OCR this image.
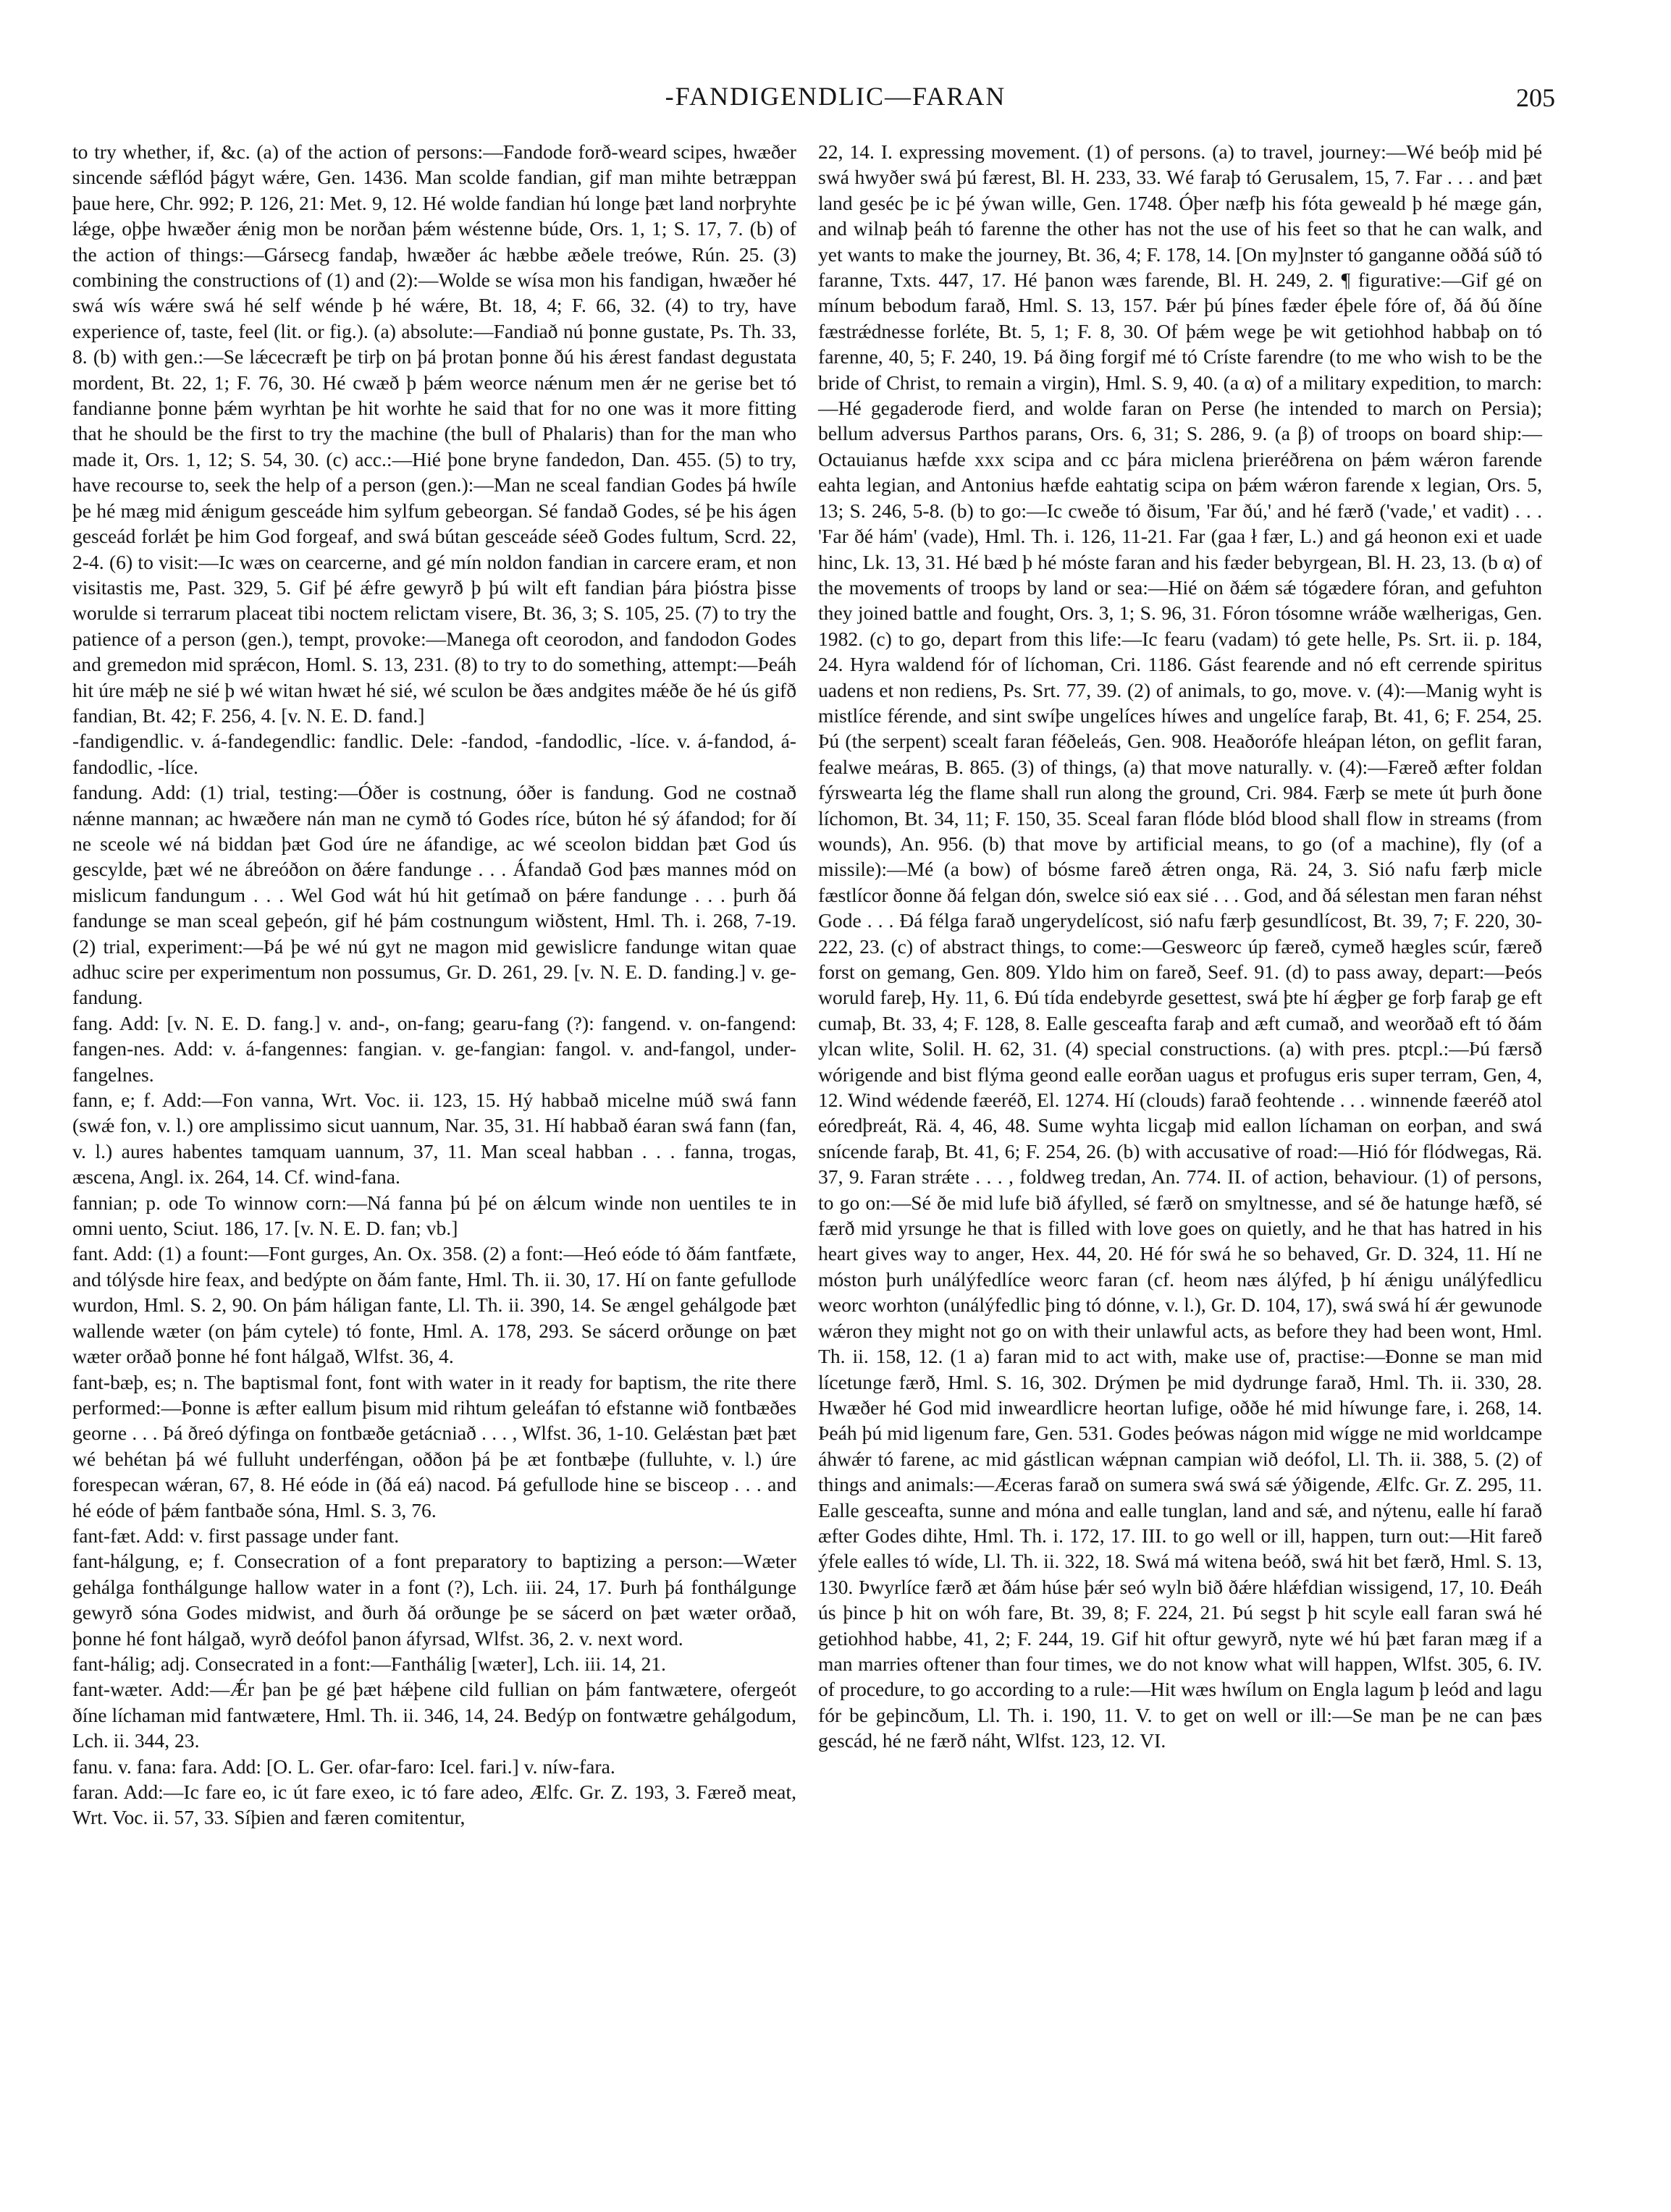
-FANDIGENDLIC—FARAN	205

to try whether, if, &c. (a) of the action of persons:—Fandode forð-weard scipes, hwæðer sincende sǽflód þágyt wǽre, Gen. 1436. Man scolde fandian, gif man mihte betræppan þaue here, Chr. 992; P. 126, 21: Met. 9, 12. Hé wolde fandian hú longe þæt land norþryhte lǽge, oþþe hwæðer ǽnig mon be norðan þǽm wéstenne búde, Ors. 1, 1; S. 17, 7. (b) of the action of things:—Gársecg fandaþ, hwæðer ác hæbbe æðele treówe, Rún. 25. (3) combining the constructions of (1) and (2):—Wolde se wísa mon his fandigan, hwæðer hé swá wís wǽre swá hé self wénde þ hé wǽre, Bt. 18, 4; F. 66, 32. (4) to try, have experience of, taste, feel (lit. or fig.). (a) absolute:—Fandiað nú þonne gustate, Ps. Th. 33, 8. (b) with gen.:—Se lǽcecræft þe tirþ on þá þrotan þonne ðú his ǽrest fandast degustata mordent, Bt. 22, 1; F. 76, 30. Hé cwæð þ þǽm weorce nǽnum men ǽr ne gerise bet tó fandianne þonne þǽm wyrhtan þe hit worhte he said that for no one was it more fitting that he should be the first to try the machine (the bull of Phalaris) than for the man who made it, Ors. 1, 12; S. 54, 30. (c) acc.:—Hié þone bryne fandedon, Dan. 455. (5) to try, have recourse to, seek the help of a person (gen.):—Man ne sceal fandian Godes þá hwíle þe hé mæg mid ǽnigum gesceáde him sylfum gebeorgan. Sé fandað Godes, sé þe his ágen gesceád forlǽt þe him God forgeaf, and swá bútan gesceáde séeð Godes fultum, Scrd. 22, 2-4. (6) to visit:—Ic wæs on cearcerne, and gé mín noldon fandian in carcere eram, et non visitastis me, Past. 329, 5. Gif þé ǽfre gewyrð þ þú wilt eft fandian þára þióstra þisse worulde si terrarum placeat tibi noctem relictam visere, Bt. 36, 3; S. 105, 25. (7) to try the patience of a person (gen.), tempt, provoke:—Manega oft ceorodon, and fandodon Godes and gremedon mid sprǽcon, Homl. S. 13, 231. (8) to try to do something, attempt:—Þeáh hit úre mǽþ ne sié þ wé witan hwæt hé sié, wé sculon be ðæs andgites mǽðe ðe hé ús gifð fandian, Bt. 42; F. 256, 4. [v. N. E. D. fand.]

-fandigendlic. v. á-fandegendlic: fandlic. Dele: -fandod, -fandodlic, -líce. v. á-fandod, á-fandodlic, -líce.

fandung. Add: (1) trial, testing:—Óðer is costnung, óðer is fandung. God ne costnað nǽnne mannan; ac hwæðere nán man ne cymð tó Godes ríce, búton hé sý áfandod; for ðí ne sceole wé ná biddan þæt God úre ne áfandige, ac wé sceolon biddan þæt God ús gescylde, þæt wé ne ábreóðon on ðǽre fandunge . . . Áfandað God þæs mannes mód on mislicum fandungum . . . Wel God wát hú hit getímað on þǽre fandunge . . . þurh ðá fandunge se man sceal geþeón, gif hé þám costnungum wiðstent, Hml. Th. i. 268, 7-19. (2) trial, experiment:—Þá þe wé nú gyt ne magon mid gewislicre fandunge witan quae adhuc scire per experimentum non possumus, Gr. D. 261, 29. [v. N. E. D. fanding.] v. ge-fandung.

fang. Add: [v. N. E. D. fang.] v. and-, on-fang; gearu-fang (?): fangend. v. on-fangend: fangen-nes. Add: v. á-fangennes: fangian. v. ge-fangian: fangol. v. and-fangol, under-fangelnes.

fann, e; f. Add:—Fon vanna, Wrt. Voc. ii. 123, 15. Hý habbað micelne múð swá fann (swǽ fon, v. l.) ore amplissimo sicut uannum, Nar. 35, 31. Hí habbað éaran swá fann (fan, v. l.) aures habentes tamquam uannum, 37, 11. Man sceal habban . . . fanna, trogas, æscena, Angl. ix. 264, 14. Cf. wind-fana.

fannian; p. ode To winnow corn:—Ná fanna þú þé on ǽlcum winde non uentiles te in omni uento, Sciut. 186, 17. [v. N. E. D. fan; vb.]

fant. Add: (1) a fount:—Font gurges, An. Ox. 358. (2) a font:—Heó eóde tó ðám fantfæte, and tólýsde hire feax, and bedýpte on ðám fante, Hml. Th. ii. 30, 17. Hí on fante gefullode wurdon, Hml. S. 2, 90. On þám háligan fante, Ll. Th. ii. 390, 14. Se ængel gehálgode þæt wallende wæter (on þám cytele) tó fonte, Hml. A. 178, 293. Se sácerd orðunge on þæt wæter orðað þonne hé font hálgað, Wlfst. 36, 4.

fant-bæþ, es; n. The baptismal font, font with water in it ready for baptism, the rite there performed:—Þonne is æfter eallum þisum mid rihtum geleáfan tó efstanne wið fontbæðes georne . . . Þá ðreó dýfinga on fontbæðe getácniað . . . , Wlfst. 36, 1-10. Gelǽstan þæt þæt wé behétan þá wé fulluht underféngan, oððon þá þe æt fontbæþe (fulluhte, v. l.) úre forespecan wǽran, 67, 8. Hé eóde in (ðá eá) nacod. Þá gefullode hine se bisceop . . . and hé eóde of þǽm fantbaðe sóna, Hml. S. 3, 76.

fant-fæt. Add: v. first passage under fant.

fant-hálgung, e; f. Consecration of a font preparatory to baptizing a person:—Wæter gehálga fonthálgunge hallow water in a font (?), Lch. iii. 24, 17. Þurh þá fonthálgunge gewyrð sóna Godes midwist, and ðurh ðá orðunge þe se sácerd on þæt wæter orðað, þonne hé font hálgað, wyrð deófol þanon áfyrsad, Wlfst. 36, 2. v. next word.

fant-hálig; adj. Consecrated in a font:—Fanthálig [wæter], Lch. iii. 14, 21.

fant-wæter. Add:—Ǽr þan þe gé þæt hǽþene cild fullian on þám fantwætere, ofergeót ðíne líchaman mid fantwætere, Hml. Th. ii. 346, 14, 24. Bedýp on fontwætre gehálgodum, Lch. ii. 344, 23.

fanu. v. fana: fara. Add: [O. L. Ger. ofar-faro: Icel. fari.] v. níw-fara.

faran. Add:—Ic fare eo, ic út fare exeo, ic tó fare adeo, Ælfc. Gr. Z. 193, 3. Færeð meat, Wrt. Voc. ii. 57, 33. Síþien and færen comitentur,

22, 14. I. expressing movement. (1) of persons. (a) to travel, journey:—Wé beóþ mid þé swá hwyðer swá þú færest, Bl. H. 233, 33. Wé faraþ tó Gerusalem, 15, 7. Far . . . and þæt land geséc þe ic þé ýwan wille, Gen. 1748. Óþer næfþ his fóta geweald þ hé mæge gán, and wilnaþ þeáh tó farenne the other has not the use of his feet so that he can walk, and yet wants to make the journey, Bt. 36, 4; F. 178, 14. [On my]nster tó ganganne oððá súð tó faranne, Txts. 447, 17. Hé þanon wæs farende, Bl. H. 249, 2. ¶ figurative:—Gif gé on mínum bebodum farað, Hml. S. 13, 157. Þǽr þú þínes fæder éþele fóre of, ðá ðú ðíne fæstrǽdnesse forléte, Bt. 5, 1; F. 8, 30. Of þǽm wege þe wit getiohhod habbaþ on tó farenne, 40, 5; F. 240, 19. Þá ðing forgif mé tó Críste farendre (to me who wish to be the bride of Christ, to remain a virgin), Hml. S. 9, 40. (a α) of a military expedition, to march:—Hé gegaderode fierd, and wolde faran on Perse (he intended to march on Persia); bellum adversus Parthos parans, Ors. 6, 31; S. 286, 9. (a β) of troops on board ship:—Octauianus hæfde xxx scipa and cc þára miclena þrieréðrena on þǽm wǽron farende eahta legian, and Antonius hæfde eahtatig scipa on þǽm wǽron farende x legian, Ors. 5, 13; S. 246, 5-8. (b) to go:—Ic cweðe tó ðisum, 'Far ðú,' and hé færð ('vade,' et vadit) . . . 'Far ðé hám' (vade), Hml. Th. i. 126, 11-21. Far (gaa ł fær, L.) and gá heonon exi et uade hinc, Lk. 13, 31. Hé bæd þ hé móste faran and his fæder bebyrgean, Bl. H. 23, 13. (b α) of the movements of troops by land or sea:—Hié on ðǽm sǽ tógædere fóran, and gefuhton they joined battle and fought, Ors. 3, 1; S. 96, 31. Fóron tósomne wráðe wælherigas, Gen. 1982. (c) to go, depart from this life:—Ic fearu (vadam) tó gete helle, Ps. Srt. ii. p. 184, 24. Hyra waldend fór of líchoman, Cri. 1186. Gást fearende and nó eft cerrende spiritus uadens et non rediens, Ps. Srt. 77, 39. (2) of animals, to go, move. v. (4):—Manig wyht is mistlíce férende, and sint swíþe ungelíces híwes and ungelíce faraþ, Bt. 41, 6; F. 254, 25. Þú (the serpent) scealt faran féðeleás, Gen. 908. Heaðorófe hleápan léton, on geflit faran, fealwe meáras, B. 865. (3) of things, (a) that move naturally. v. (4):—Færeð æfter foldan fýrswearta lég the flame shall run along the ground, Cri. 984. Færþ se mete út þurh ðone líchomon, Bt. 34, 11; F. 150, 35. Sceal faran flóde blód blood shall flow in streams (from wounds), An. 956. (b) that move by artificial means, to go (of a machine), fly (of a missile):—Mé (a bow) of bósme fareð ǽtren onga, Rä. 24, 3. Sió nafu færþ micle fæstlícor ðonne ðá felgan dón, swelce sió eax sié . . . God, and ðá sélestan men faran néhst Gode . . . Ðá félga farað ungerydelícost, sió nafu færþ gesundlícost, Bt. 39, 7; F. 220, 30-222, 23. (c) of abstract things, to come:—Gesweorc úp færeð, cymeð hægles scúr, færeð forst on gemang, Gen. 809. Yldo him on fareð, Seef. 91. (d) to pass away, depart:—Þeós woruld fareþ, Hy. 11, 6. Ðú tída endebyrde gesettest, swá þte hí ǽgþer ge forþ faraþ ge eft cumaþ, Bt. 33, 4; F. 128, 8. Ealle gesceafta faraþ and æft cumað, and weorðað eft tó ðám ylcan wlite, Solil. H. 62, 31. (4) special constructions. (a) with pres. ptcpl.:—Þú færsð wórigende and bist flýma geond ealle eorðan uagus et profugus eris super terram, Gen, 4, 12. Wind wédende fæeréð, El. 1274. Hí (clouds) farað feohtende . . . winnende fæeréð atol eóredþreát, Rä. 4, 46, 48. Sume wyhta licgaþ mid eallon líchaman on eorþan, and swá snícende faraþ, Bt. 41, 6; F. 254, 26. (b) with accusative of road:—Hió fór flódwegas, Rä. 37, 9. Faran strǽte . . . , foldweg tredan, An. 774. II. of action, behaviour. (1) of persons, to go on:—Sé ðe mid lufe bið áfylled, sé færð on smyltnesse, and sé ðe hatunge hæfð, sé færð mid yrsunge he that is filled with love goes on quietly, and he that has hatred in his heart gives way to anger, Hex. 44, 20. Hé fór swá he so behaved, Gr. D. 324, 11. Hí ne móston þurh unálýfedlíce weorc faran (cf. heom næs álýfed, þ hí ǽnigu unálýfedlicu weorc worhton (unálýfedlic þing tó dónne, v. l.), Gr. D. 104, 17), swá swá hí ǽr gewunode wǽron they might not go on with their unlawful acts, as before they had been wont, Hml. Th. ii. 158, 12. (1 a) faran mid to act with, make use of, practise:—Ðonne se man mid lícetunge færð, Hml. S. 16, 302. Drýmen þe mid dydrunge farað, Hml. Th. ii. 330, 28. Hwæðer hé God mid inweardlicre heortan lufige, oððe hé mid híwunge fare, i. 268, 14. Þeáh þú mid ligenum fare, Gen. 531. Godes þeówas nágon mid wígge ne mid worldcampe áhwǽr tó farene, ac mid gástlican wǽpnan campian wið deófol, Ll. Th. ii. 388, 5. (2) of things and animals:—Æceras farað on sumera swá swá sǽ ýðigende, Ælfc. Gr. Z. 295, 11. Ealle gesceafta, sunne and móna and ealle tunglan, land and sǽ, and nýtenu, ealle hí farað æfter Godes dihte, Hml. Th. i. 172, 17. III. to go well or ill, happen, turn out:—Hit fareð ýfele ealles tó wíde, Ll. Th. ii. 322, 18. Swá má witena beóð, swá hit bet færð, Hml. S. 13, 130. Þwyrlíce færð æt ðám húse þǽr seó wyln bið ðǽre hlǽfdian wissigend, 17, 10. Ðeáh ús þince þ hit on wóh fare, Bt. 39, 8; F. 224, 21. Þú segst þ hit scyle eall faran swá hé getiohhod habbe, 41, 2; F. 244, 19. Gif hit oftur gewyrð, nyte wé hú þæt faran mæg if a man marries oftener than four times, we do not know what will happen, Wlfst. 305, 6. IV. of procedure, to go according to a rule:—Hit wæs hwílum on Engla lagum þ leód and lagu fór be geþincðum, Ll. Th. i. 190, 11. V. to get on well or ill:—Se man þe ne can þæs gescád, hé ne færð náht, Wlfst. 123, 12. VI.
